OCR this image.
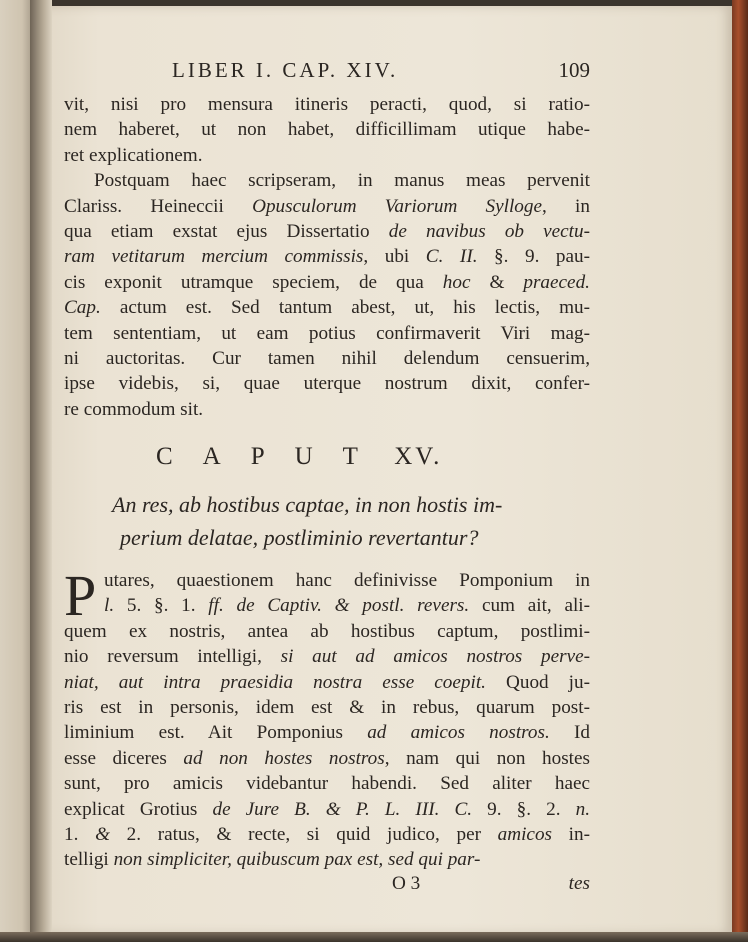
LIBER I. CAP. XIV.	109
vit, nisi pro mensura itineris peracti, quod, si ratio-
nem haberet, ut non habet, difficillimam utique habe-
ret explicationem.
Postquam haec scripseram, in manus meas pervenit
Clariss. Heineccii Opusculorum Variorum Sylloge, in
qua etiam exstat ejus Dissertatio de navibus ob vectu-
ram vetitarum mercium commissis, ubi C. II. §. 9. pau-
cis exponit utramque speciem, de qua hoc & praeced.
Cap. actum est. Sed tantum abest, ut, his lectis, mu-
tem sententiam, ut eam potius confirmaverit Viri mag-
ni auctoritas. Cur tamen nihil delendum censuerim,
ipse videbis, si, quae uterque nostrum dixit, confer-
re commodum sit.
CAPUT XV.
An res, ab hostibus captae, in non hostis im-
perium delatae, postliminio revertantur?
P utares, quaestionem hanc definivisse Pomponium in
l. 5. §. 1. ff. de Captiv. & postl. revers. cum ait, ali-
quem ex nostris, antea ab hostibus captum, postlimi-
nio reversum intelligi, si aut ad amicos nostros perve-
niat, aut intra praesidia nostra esse coepit. Quod ju-
ris est in personis, idem est & in rebus, quarum post-
liminium est. Ait Pomponius ad amicos nostros. Id
esse diceres ad non hostes nostros, nam qui non hostes
sunt, pro amicis videbantur habendi. Sed aliter haec
explicat Grotius de Jure B. & P. L. III. C. 9. §. 2. n.
1. & 2. ratus, & recte, si quid judico, per amicos in-
telligi non simpliciter, quibuscum pax est, sed qui par-
O 3	tes
